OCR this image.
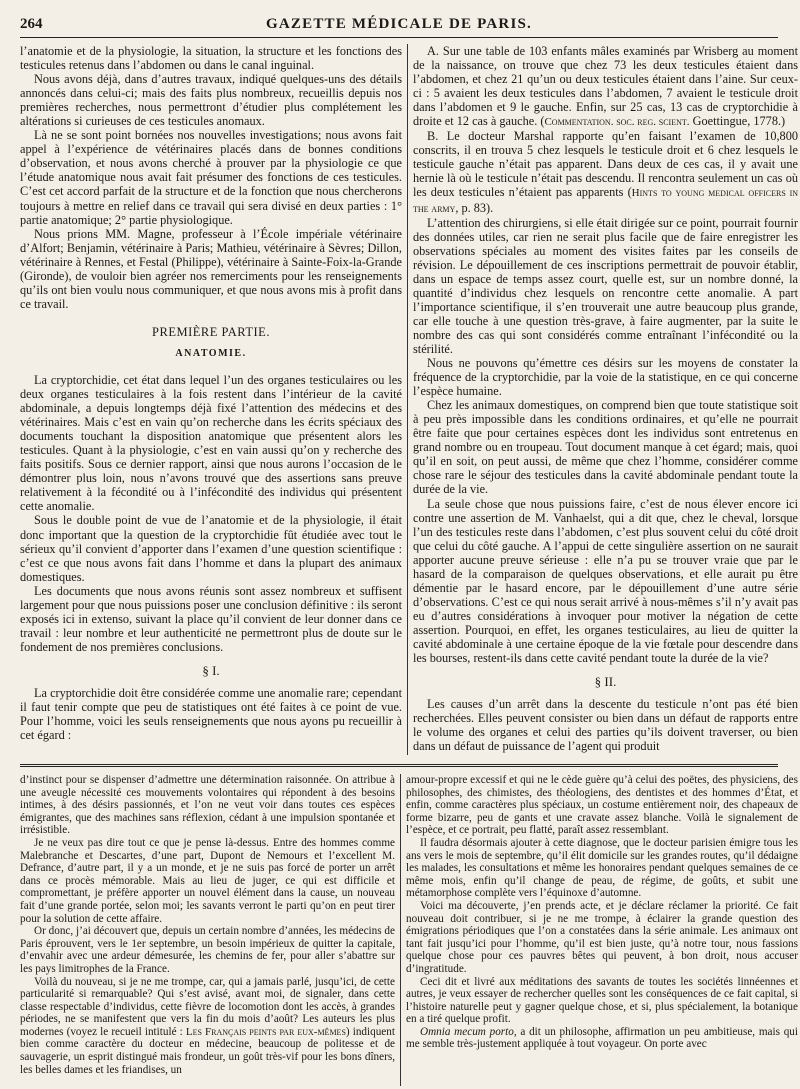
264	GAZETTE MÉDICALE DE PARIS.

l’anatomie et de la physiologie, la situation, la structure et les fonctions des testicules retenus dans l’abdomen ou dans le canal inguinal.

Nous avons déjà, dans d’autres travaux, indiqué quelques-uns des détails annoncés dans celui-ci; mais des faits plus nombreux, recueillis depuis nos premières recherches, nous permettront d’étudier plus complétement les altérations si curieuses de ces testicules anomaux.

Là ne se sont point bornées nos nouvelles investigations; nous avons fait appel à l’expérience de vétérinaires placés dans de bonnes conditions d’observation, et nous avons cherché à prouver par la physiologie ce que l’étude anatomique nous avait fait présumer des fonctions de ces testicules. C’est cet accord parfait de la structure et de la fonction que nous chercherons toujours à mettre en relief dans ce travail qui sera divisé en deux parties : 1° partie anatomique; 2° partie physiologique.

Nous prions MM. Magne, professeur à l’École impériale vétérinaire d’Alfort; Benjamin, vétérinaire à Paris; Mathieu, vétérinaire à Sèvres; Dillon, vétérinaire à Rennes, et Festal (Philippe), vétérinaire à Sainte-Foix-la-Grande (Gironde), de vouloir bien agréer nos remerciments pour les renseignements qu’ils ont bien voulu nous communiquer, et que nous avons mis à profit dans ce travail.

PREMIÈRE PARTIE.

ANATOMIE.

La cryptorchidie, cet état dans lequel l’un des organes testiculaires ou les deux organes testiculaires à la fois restent dans l’intérieur de la cavité abdominale, a depuis longtemps déjà fixé l’attention des médecins et des vétérinaires. Mais c’est en vain qu’on recherche dans les écrits spéciaux des documents touchant la disposition anatomique que présentent alors les testicules. Quant à la physiologie, c’est en vain aussi qu’on y recherche des faits positifs. Sous ce dernier rapport, ainsi que nous aurons l’occasion de le démontrer plus loin, nous n’avons trouvé que des assertions sans preuve relativement à la fécondité ou à l’infécondité des individus qui présentent cette anomalie.

Sous le double point de vue de l’anatomie et de la physiologie, il était donc important que la question de la cryptorchidie fût étudiée avec tout le sérieux qu’il convient d’apporter dans l’examen d’une question scientifique : c’est ce que nous avons fait dans l’homme et dans la plupart des animaux domestiques.

Les documents que nous avons réunis sont assez nombreux et suffisent largement pour que nous puissions poser une conclusion définitive : ils seront exposés ici in extenso, suivant la place qu’il convient de leur donner dans ce travail : leur nombre et leur authenticité ne permettront plus de doute sur le fondement de nos premières conclusions.

§ I.

La cryptorchidie doit être considérée comme une anomalie rare; cependant il faut tenir compte que peu de statistiques ont été faites à ce point de vue. Pour l’homme, voici les seuls renseignements que nous ayons pu recueillir à cet égard :

A. Sur une table de 103 enfants mâles examinés par Wrisberg au moment de la naissance, on trouve que chez 73 les deux testicules étaient dans l’abdomen, et chez 21 qu’un ou deux testicules étaient dans l’aine. Sur ceux-ci : 5 avaient les deux testicules dans l’abdomen, 7 avaient le testicule droit dans l’abdomen et 9 le gauche. Enfin, sur 25 cas, 13 cas de cryptorchidie à droite et 12 cas à gauche. (Commentation. soc. reg. scient. Goettingue, 1778.)

B. Le docteur Marshal rapporte qu’en faisant l’examen de 10,800 conscrits, il en trouva 5 chez lesquels le testicule droit et 6 chez lesquels le testicule gauche n’était pas apparent. Dans deux de ces cas, il y avait une hernie là où le testicule n’était pas descendu. Il rencontra seulement un cas où les deux testicules n’étaient pas apparents (Hints to young medical officers in the army, p. 83).

L’attention des chirurgiens, si elle était dirigée sur ce point, pourrait fournir des données utiles, car rien ne serait plus facile que de faire enregistrer les observations spéciales au moment des visites faites par les conseils de révision. Le dépouillement de ces inscriptions permettrait de pouvoir établir, dans un espace de temps assez court, quelle est, sur un nombre donné, la quantité d’individus chez lesquels on rencontre cette anomalie. A part l’importance scientifique, il s’en trouverait une autre beaucoup plus grande, car elle touche à une question très-grave, à faire augmenter, par la suite le nombre des cas qui sont considérés comme entraînant l’infécondité ou la stérilité.

Nous ne pouvons qu’émettre ces désirs sur les moyens de constater la fréquence de la cryptorchidie, par la voie de la statistique, en ce qui concerne l’espèce humaine.

Chez les animaux domestiques, on comprend bien que toute statistique soit à peu près impossible dans les conditions ordinaires, et qu’elle ne pourrait être faite que pour certaines espèces dont les individus sont entretenus en grand nombre ou en troupeau. Tout document manque à cet égard; mais, quoi qu’il en soit, on peut aussi, de même que chez l’homme, considérer comme chose rare le séjour des testicules dans la cavité abdominale pendant toute la durée de la vie.

La seule chose que nous puissions faire, c’est de nous élever encore ici contre une assertion de M. Vanhaelst, qui a dit que, chez le cheval, lorsque l’un des testicules reste dans l’abdomen, c’est plus souvent celui du côté droit que celui du côté gauche. A l’appui de cette singulière assertion on ne saurait apporter aucune preuve sérieuse : elle n’a pu se trouver vraie que par le hasard de la comparaison de quelques observations, et elle aurait pu être démentie par le hasard encore, par le dépouillement d’une autre série d’observations. C’est ce qui nous serait arrivé à nous-mêmes s’il n’y avait pas eu d’autres considérations à invoquer pour motiver la négation de cette assertion. Pourquoi, en effet, les organes testiculaires, au lieu de quitter la cavité abdominale à une certaine époque de la vie fœtale pour descendre dans les bourses, restent-ils dans cette cavité pendant toute la durée de la vie?

§ II.

Les causes d’un arrêt dans la descente du testicule n’ont pas été bien recherchées. Elles peuvent consister ou bien dans un défaut de rapports entre le volume des organes et celui des parties qu’ils doivent traverser, ou bien dans un défaut de puissance de l’agent qui produit

d’instinct pour se dispenser d’admettre une détermination raisonnée. On attribue à une aveugle nécessité ces mouvements volontaires qui répondent à des besoins intimes, à des désirs passionnés, et l’on ne veut voir dans toutes ces espèces émigrantes, que des machines sans réflexion, cédant à une impulsion spontanée et irrésistible.

Je ne veux pas dire tout ce que je pense là-dessus. Entre des hommes comme Malebranche et Descartes, d’une part, Dupont de Nemours et l’excellent M. Defrance, d’autre part, il y a un monde, et je ne suis pas forcé de porter un arrêt dans ce procès mémorable. Mais au lieu de juger, ce qui est difficile et compromettant, je préfère apporter un nouvel élément dans la cause, un nouveau fait d’une grande portée, selon moi; les savants verront le parti qu’on en peut tirer pour la solution de cette affaire.

Or donc, j’ai découvert que, depuis un certain nombre d’années, les médecins de Paris éprouvent, vers le 1er septembre, un besoin impérieux de quitter la capitale, d’envahir avec une ardeur démesurée, les chemins de fer, pour aller s’abattre sur les pays limitrophes de la France.

Voilà du nouveau, si je ne me trompe, car, qui a jamais parlé, jusqu’ici, de cette particularité si remarquable? Qui s’est avisé, avant moi, de signaler, dans cette classe respectable d’individus, cette fièvre de locomotion dont les accès, à grandes périodes, ne se manifestent que vers la fin du mois d’août? Les auteurs les plus modernes (voyez le recueil intitulé : Les Français peints par eux-mêmes) indiquent bien comme caractère du docteur en médecine, beaucoup de politesse et de sauvagerie, un esprit distingué mais frondeur, un goût très-vif pour les bons dîners, les belles dames et les friandises, un

amour-propre excessif et qui ne le cède guère qu’à celui des poëtes, des physiciens, des philosophes, des chimistes, des théologiens, des dentistes et des hommes d’État, et enfin, comme caractères plus spéciaux, un costume entièrement noir, des chapeaux de forme bizarre, peu de gants et une cravate assez blanche. Voilà le signalement de l’espèce, et ce portrait, peu flatté, paraît assez ressemblant.

Il faudra désormais ajouter à cette diagnose, que le docteur parisien émigre tous les ans vers le mois de septembre, qu’il élit domicile sur les grandes routes, qu’il dédaigne les malades, les consultations et même les honoraires pendant quelques semaines de ce même mois, enfin qu’il change de peau, de régime, de goûts, et subit une métamorphose complète vers l’équinoxe d’automne.

Voici ma découverte, j’en prends acte, et je déclare réclamer la priorité. Ce fait nouveau doit contribuer, si je ne me trompe, à éclairer la grande question des émigrations périodiques que l’on a constatées dans la série animale. Les animaux ont tant fait jusqu’ici pour l’homme, qu’il est bien juste, qu’à notre tour, nous fassions quelque chose pour ces pauvres bêtes qui peuvent, à bon droit, nous accuser d’ingratitude.

Ceci dit et livré aux méditations des savants de toutes les sociétés linnéennes et autres, je veux essayer de rechercher quelles sont les conséquences de ce fait capital, si l’histoire naturelle peut y gagner quelque chose, et si, plus spécialement, la botanique en a tiré quelque profit.

Omnia mecum porto, a dit un philosophe, affirmation un peu ambitieuse, mais qui me semble très-justement appliquée à tout voyageur. On porte avec
